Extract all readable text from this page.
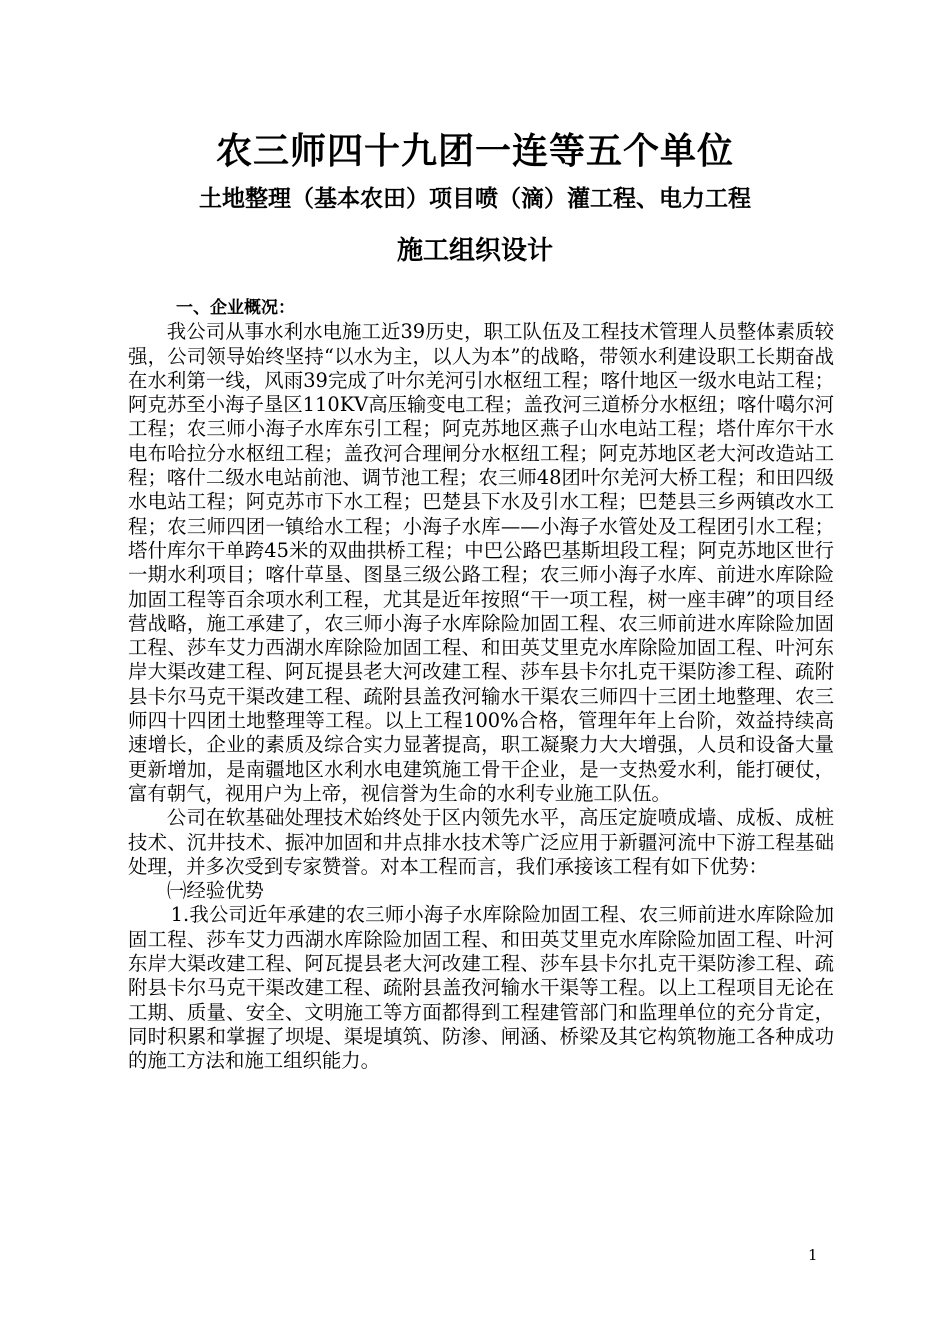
农三师四十九团一连等五个单位
土地整理（基本农田）项目喷（滴）灌工程、电力工程
施工组织设计

一、企业概况：

我公司从事水利水电施工近39历史，职工队伍及工程技术管理人员整体素质较强，公司领导始终坚持“以水为主，以人为本”的战略，带领水利建设职工长期奋战在水利第一线，风雨39完成了叶尔羌河引水枢纽工程；喀什地区一级水电站工程；阿克苏至小海子垦区110KV高压输变电工程；盖孜河三道桥分水枢纽；喀什噶尔河工程；农三师小海子水库东引工程；阿克苏地区燕子山水电站工程；塔什库尔干水电布哈拉分水枢纽工程；盖孜河合理闸分水枢纽工程；阿克苏地区老大河改造站工程；喀什二级水电站前池、调节池工程；农三师48团叶尔羌河大桥工程；和田四级水电站工程；阿克苏市下水工程；巴楚县下水及引水工程；巴楚县三乡两镇改水工程；农三师四团一镇给水工程；小海子水库——小海子水管处及工程团引水工程；塔什库尔干单跨45米的双曲拱桥工程；中巴公路巴基斯坦段工程；阿克苏地区世行一期水利项目；喀什草垦、图垦三级公路工程；农三师小海子水库、前进水库除险加固工程等百余项水利工程，尤其是近年按照“干一项工程，树一座丰碑”的项目经营战略，施工承建了，农三师小海子水库除险加固工程、农三师前进水库除险加固工程、莎车艾力西湖水库除险加固工程、和田英艾里克水库除险加固工程、叶河东岸大渠改建工程、阿瓦提县老大河改建工程、莎车县卡尔扎克干渠防渗工程、疏附县卡尔马克干渠改建工程、疏附县盖孜河输水干渠农三师四十三团土地整理、农三师四十四团土地整理等工程。以上工程100%合格，管理年年上台阶，效益持续高速增长，企业的素质及综合实力显著提高，职工凝聚力大大增强，人员和设备大量更新增加，是南疆地区水利水电建筑施工骨干企业，是一支热爱水利，能打硬仗，富有朝气，视用户为上帝，视信誉为生命的水利专业施工队伍。

公司在软基础处理技术始终处于区内领先水平，高压定旋喷成墙、成板、成桩技术、沉井技术、振冲加固和井点排水技术等广泛应用于新疆河流中下游工程基础处理，并多次受到专家赞誉。对本工程而言，我们承接该工程有如下优势：

㈠经验优势

1.我公司近年承建的农三师小海子水库除险加固工程、农三师前进水库除险加固工程、莎车艾力西湖水库除险加固工程、和田英艾里克水库除险加固工程、叶河东岸大渠改建工程、阿瓦提县老大河改建工程、莎车县卡尔扎克干渠防渗工程、疏附县卡尔马克干渠改建工程、疏附县盖孜河输水干渠等工程。以上工程项目无论在工期、质量、安全、文明施工等方面都得到工程建管部门和监理单位的充分肯定，同时积累和掌握了坝堤、渠堤填筑、防渗、闸涵、桥梁及其它构筑物施工各种成功的施工方法和施工组织能力。

1
